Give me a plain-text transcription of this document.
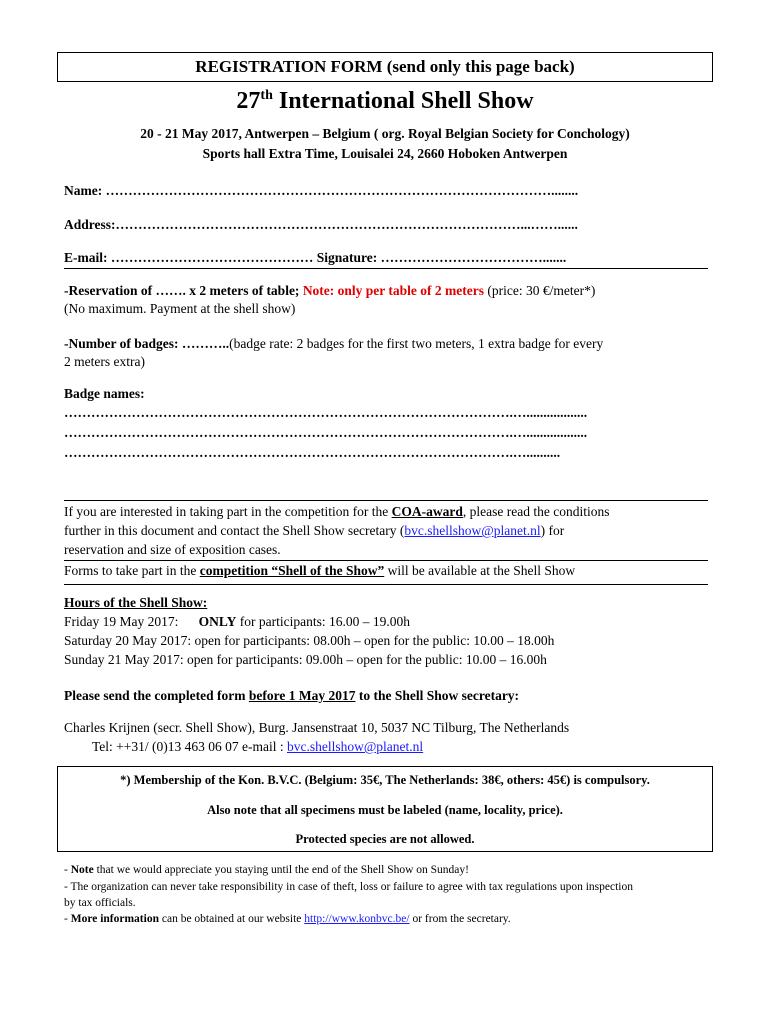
REGISTRATION FORM (send only this page back)
27th International Shell Show
20 - 21 May 2017, Antwerpen – Belgium ( org. Royal Belgian Society for Conchology)
Sports hall Extra Time, Louisalei 24, 2660 Hoboken Antwerpen
Name: ………………………………………………………………………………………........
Address:………………………………………………………………………………...……......
E-mail: ……………………………………… Signature: ……………………………….......
-Reservation of ……. x 2 meters of table; Note: only per table of 2 meters (price: 30 €/meter*)
(No maximum. Payment at the shell show)
-Number of badges: ………..(badge rate: 2 badges for the first two meters, 1 extra badge for every
2 meters extra)
Badge names:
……………………………………………………………………………………….…..................
……………………………………………………………………………………….…..................
……………………………………………………………………………………….…..........
If you are interested in taking part in the competition for the COA-award, please read the conditions
further in this document and contact the Shell Show secretary (bvc.shellshow@planet.nl) for
reservation and size of exposition cases.
Forms to take part in the competition “Shell of the Show” will be available at the Shell Show
Hours of the Shell Show:
Friday 19 May 2017: ONLY for participants: 16.00 – 19.00h
Saturday 20 May 2017: open for participants: 08.00h – open for the public: 10.00 – 18.00h
Sunday 21 May 2017: open for participants: 09.00h – open for the public: 10.00 – 16.00h
Please send the completed form before 1 May 2017 to the Shell Show secretary:
Charles Krijnen (secr. Shell Show), Burg. Jansenstraat 10, 5037 NC Tilburg, The Netherlands
Tel: ++31/ (0)13 463 06 07 e-mail : bvc.shellshow@planet.nl
*) Membership of the Kon. B.V.C. (Belgium: 35€, The Netherlands: 38€, others: 45€) is compulsory.
Also note that all specimens must be labeled (name, locality, price).
Protected species are not allowed.
- Note that we would appreciate you staying until the end of the Shell Show on Sunday!
- The organization can never take responsibility in case of theft, loss or failure to agree with tax regulations upon inspection
by tax officials.
- More information can be obtained at our website http://www.konbvc.be/ or from the secretary.
